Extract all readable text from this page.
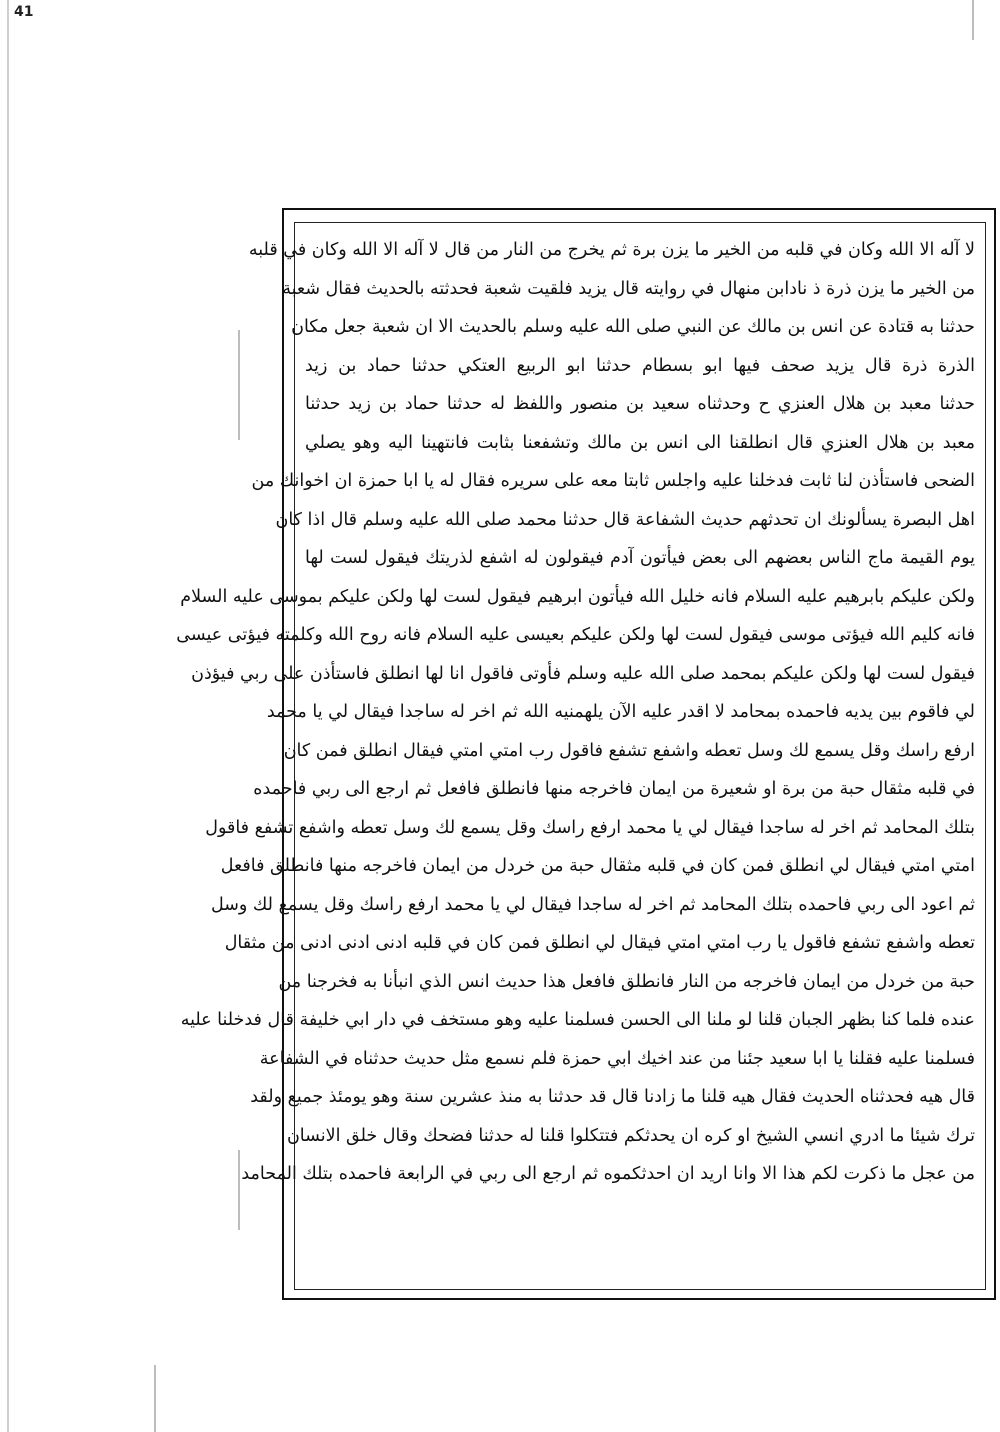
41
لا آله الا الله وكان في قلبه من الخير ما يزن برة ثم يخرج من النار من قال لا آله الا الله وكان في قلبه
من الخير ما يزن ذرة ذ نادابن منهال في روايته قال يزيد فلقيت شعبة فحدثته بالحديث فقال شعبة
حدثنا به قتادة عن انس بن مالك عن النبي صلى الله عليه وسلم بالحديث الا ان شعبة جعل مكان
الذرة ذرة قال يزيد صحف فيها ابو بسطام حدثنا ابو الربيع العتكي حدثنا حماد بن زيد
حدثنا معبد بن هلال العنزي ح وحدثناه سعيد بن منصور واللفظ له حدثنا حماد بن زيد حدثنا
معبد بن هلال العنزي قال انطلقنا الى انس بن مالك وتشفعنا بثابت فانتهينا اليه وهو يصلي
الضحى فاستأذن لنا ثابت فدخلنا عليه واجلس ثابتا معه على سريره فقال له يا ابا حمزة ان اخوانك من
اهل البصرة يسألونك ان تحدثهم حديث الشفاعة قال حدثنا محمد صلى الله عليه وسلم قال اذا كان
يوم القيمة ماج الناس بعضهم الى بعض فيأتون آدم فيقولون له اشفع لذريتك فيقول لست لها
ولكن عليكم بابرهيم عليه السلام فانه خليل الله فيأتون ابرهيم فيقول لست لها ولكن عليكم بموسى عليه السلام
فانه كليم الله فيؤتى موسى فيقول لست لها ولكن عليكم بعيسى عليه السلام فانه روح الله وكلمته فيؤتى عيسى
فيقول لست لها ولكن عليكم بمحمد صلى الله عليه وسلم فأوتى فاقول انا لها انطلق فاستأذن على ربي فيؤذن
لي فاقوم بين يديه فاحمده بمحامد لا اقدر عليه الآن يلهمنيه الله ثم اخر له ساجدا فيقال لي يا محمد
ارفع راسك وقل يسمع لك وسل تعطه واشفع تشفع فاقول رب امتي امتي فيقال انطلق فمن كان
في قلبه مثقال حبة من برة او شعيرة من ايمان فاخرجه منها فانطلق فافعل ثم ارجع الى ربي فاحمده
بتلك المحامد ثم اخر له ساجدا فيقال لي يا محمد ارفع راسك وقل يسمع لك وسل تعطه واشفع تشفع فاقول
امتي امتي فيقال لي انطلق فمن كان في قلبه مثقال حبة من خردل من ايمان فاخرجه منها فانطلق فافعل
ثم اعود الى ربي فاحمده بتلك المحامد ثم اخر له ساجدا فيقال لي يا محمد ارفع راسك وقل يسمع لك وسل
تعطه واشفع تشفع فاقول يا رب امتي امتي فيقال لي انطلق فمن كان في قلبه ادنى ادنى ادنى من مثقال
حبة من خردل من ايمان فاخرجه من النار فانطلق فافعل هذا حديث انس الذي انبأنا به فخرجنا من
عنده فلما كنا بظهر الجبان قلنا لو ملنا الى الحسن فسلمنا عليه وهو مستخف في دار ابي خليفة قال فدخلنا عليه
فسلمنا عليه فقلنا يا ابا سعيد جئنا من عند اخيك ابي حمزة فلم نسمع مثل حديث حدثناه في الشفاعة
قال هيه فحدثناه الحديث فقال هيه قلنا ما زادنا قال قد حدثنا به منذ عشرين سنة وهو يومئذ جميع ولقد
ترك شيئا ما ادري انسي الشيخ او كره ان يحدثكم فتتكلوا قلنا له حدثنا فضحك وقال خلق الانسان
من عجل ما ذكرت لكم هذا الا وانا اريد ان احدثكموه ثم ارجع الى ربي في الرابعة فاحمده بتلك المحامد
